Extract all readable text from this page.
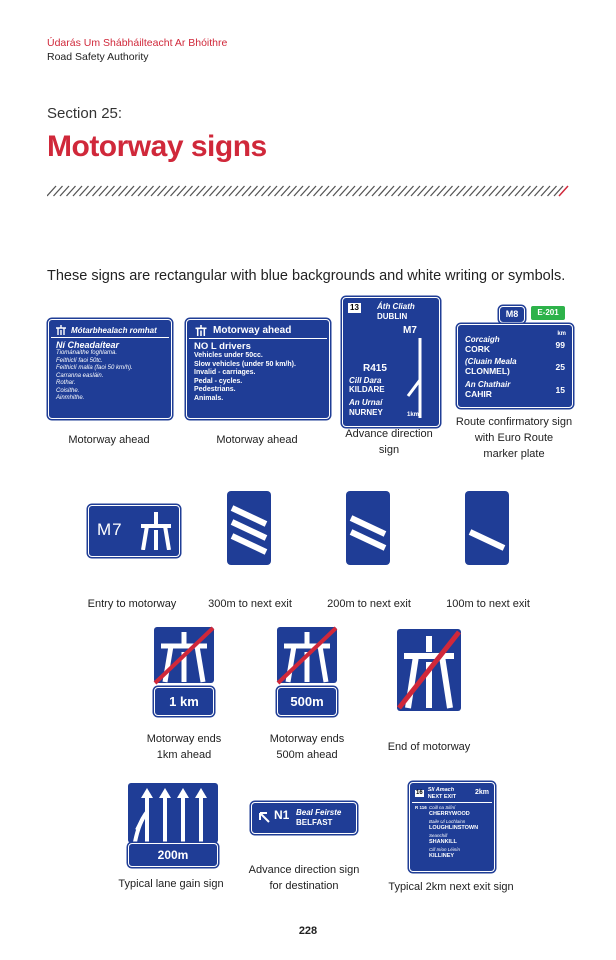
Údarás Um Shábháilteacht Ar Bhóithre
Road Safety Authority
Section 25:
Motorway signs
These signs are rectangular with blue backgrounds and white writing or symbols.
Mótarbhealach romhat
Ní Cheadaítear
Tiománaithe foghlama.
Feithiclí faoi 50tc.
Feithiclí malla (faoi 50 km/h).
Carranna easláin.
Rothar.
Coisithe.
Ainmhithe.
Motorway ahead
NO L drivers
Vehicles under 50cc.
Slow vehicles (under 50 km/h).
Invalid - carriages.
Pedal - cycles.
Pedestrians.
Animals.
13 Áth Cliath
DUBLIN
M7
R415
Cill Dara
KILDARE
An Urnaí
NURNEY	1km
M8	E-201
km
Corcaigh
CORK	99
(Cluain Meala
CLONMEL)	25
An Chathair
CAHIR	15
M7
1 km	500m
200m
N1 Beal Feirste
BELFAST
16
Slí Amach
NEXT EXIT
2km
R 116 Coill na Silíní
CHERRYWOOD
Baile Uí Lochlainn
LOUGHLINSTOWN
Seanchill
SHANKILL
Cill Iníon Léinín
KILLINEY
Motorway ahead	Motorway ahead	Advance direction
sign
Route confirmatory sign
with Euro Route
marker plate
Entry to motorway	300m to next exit	200m to next exit	100m to next exit
Motorway ends
1km ahead
Motorway ends
500m ahead
End of motorway
Typical lane gain sign
Advance direction sign
for destination	Typical 2km next exit sign
228
